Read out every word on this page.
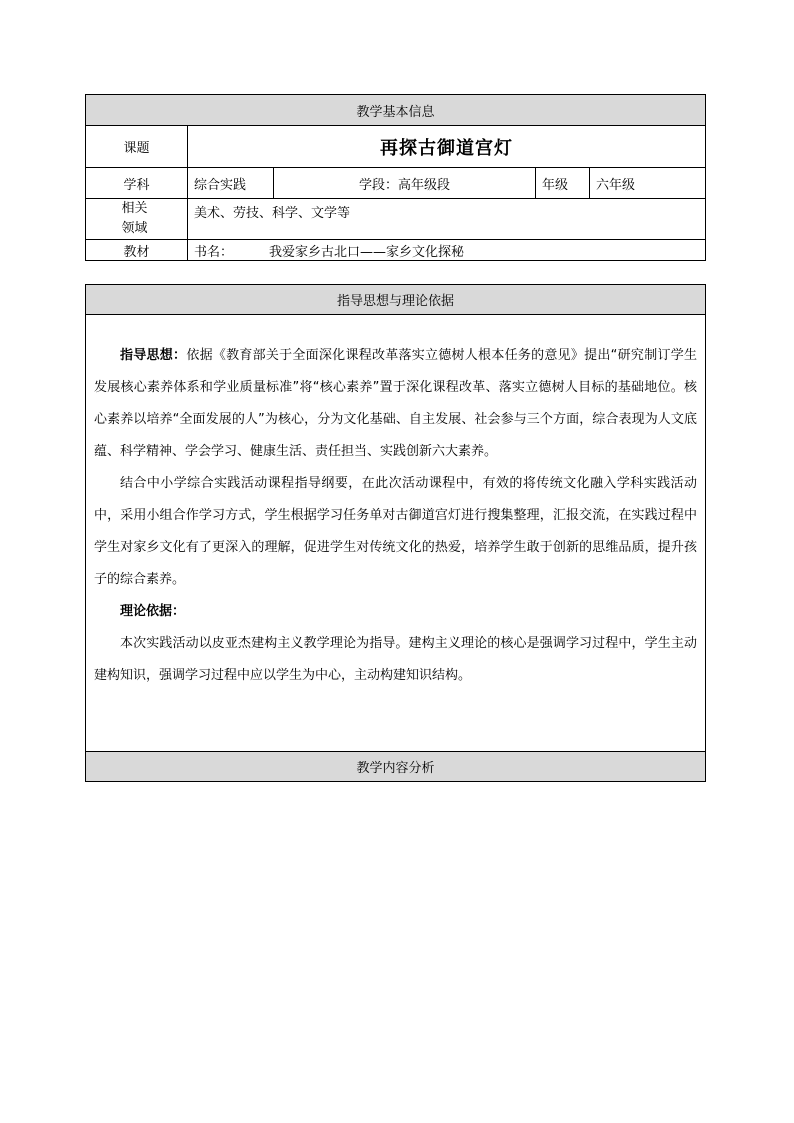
教学基本信息				
课题	再探古御道宫灯			
学科	综合实践	学段：高年级段	年级	六年级
相关领域	美术、劳技、科学、文学等			
教材	书名： 我爱家乡古北口——家乡文化探秘			
指导思想与理论依据

指导思想：依据《教育部关于全面深化课程改革落实立德树人根本任务的意见》提出“研究制订学生发展核心素养体系和学业质量标准”将“核心素养”置于深化课程改革、落实立德树人目标的基础地位。核心素养以培养“全面发展的人”为核心，分为文化基础、自主发展、社会参与三个方面，综合表现为人文底蕴、科学精神、学会学习、健康生活、责任担当、实践创新六大素养。

结合中小学综合实践活动课程指导纲要，在此次活动课程中，有效的将传统文化融入学科实践活动中，采用小组合作学习方式，学生根据学习任务单对古御道宫灯进行搜集整理，汇报交流，在实践过程中学生对家乡文化有了更深入的理解，促进学生对传统文化的热爱，培养学生敢于创新的思维品质，提升孩子的综合素养。

理论依据：

本次实践活动以皮亚杰建构主义教学理论为指导。建构主义理论的核心是强调学习过程中，学生主动建构知识，强调学习过程中应以学生为中心，主动构建知识结构。

教学内容分析
